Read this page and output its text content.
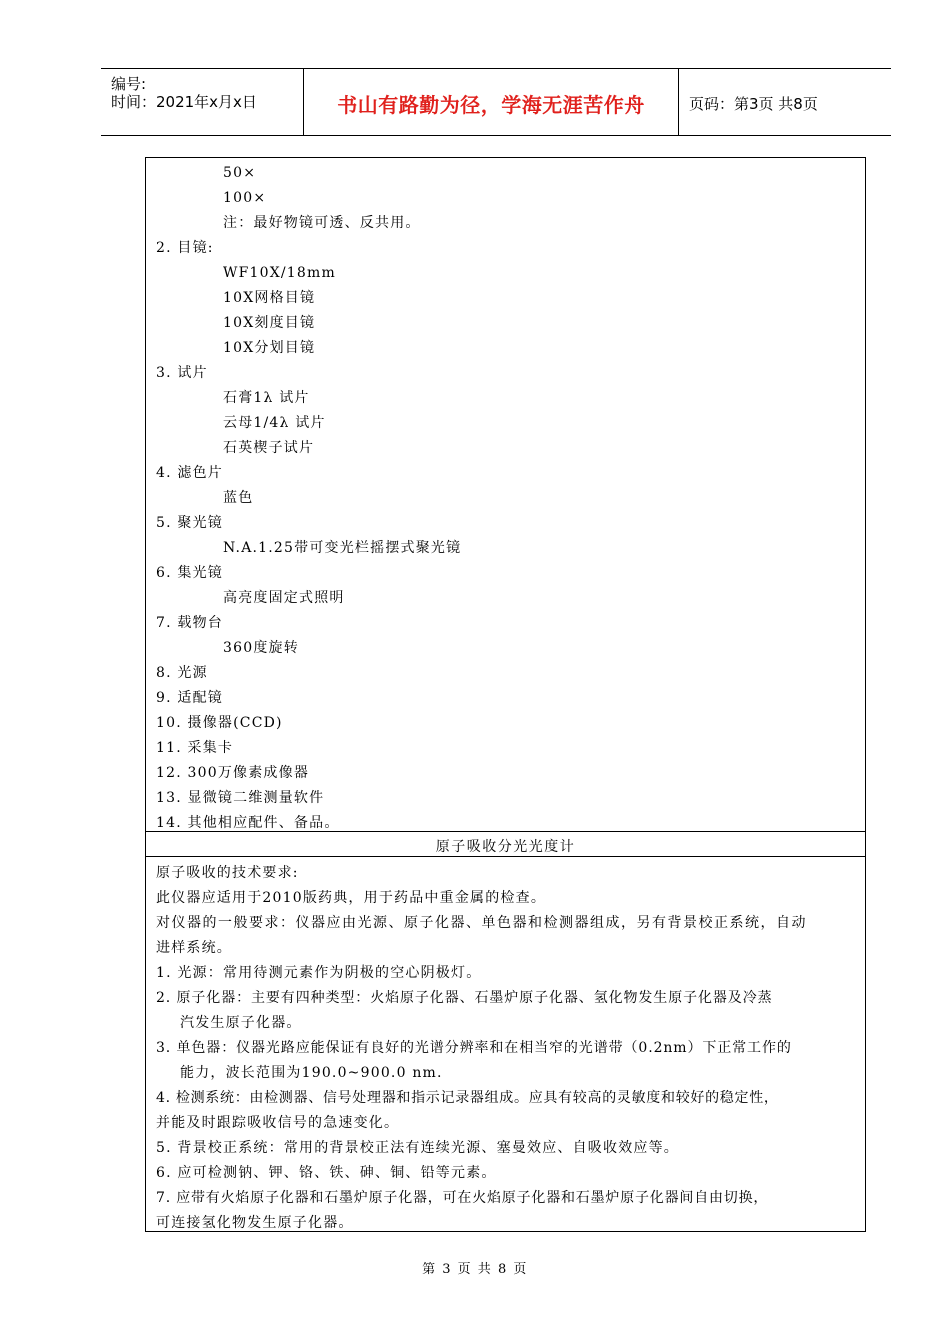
编号:
时间：2021年x月x日	书山有路勤为径，学海无涯苦作舟	页码：第3页 共8页
50×
100×
注：最好物镜可透、反共用。
2. 目镜:
WF10X/18mm
10X网格目镜
10X刻度目镜
10X分划目镜
3. 试片
石膏1λ 试片
云母1/4λ 试片
石英楔子试片
4. 滤色片
蓝色
5. 聚光镜
N.A.1.25带可变光栏摇摆式聚光镜
6. 集光镜
高亮度固定式照明
7. 载物台
360度旋转
8. 光源
9. 适配镜
10. 摄像器(CCD)
11. 采集卡
12. 300万像素成像器
13. 显微镜二维测量软件
14. 其他相应配件、备品。
原子吸收分光光度计
原子吸收的技术要求:
此仪器应适用于2010版药典，用于药品中重金属的检查。
对仪器的一般要求：仪器应由光源、原子化器、单色器和检测器组成，另有背景校正系统，自动
进样系统。
1. 光源：常用待测元素作为阴极的空心阴极灯。
2. 原子化器：主要有四种类型：火焰原子化器、石墨炉原子化器、氢化物发生原子化器及冷蒸
汽发生原子化器。
3. 单色器：仪器光路应能保证有良好的光谱分辨率和在相当窄的光谱带（0.2nm）下正常工作的
能力，波长范围为190.0~900.0 nm.
4. 检测系统：由检测器、信号处理器和指示记录器组成。应具有较高的灵敏度和较好的稳定性，
并能及时跟踪吸收信号的急速变化。
5. 背景校正系统：常用的背景校正法有连续光源、塞曼效应、自吸收效应等。
6. 应可检测钠、钾、铬、铁、砷、铜、铅等元素。
7. 应带有火焰原子化器和石墨炉原子化器，可在火焰原子化器和石墨炉原子化器间自由切换，
可连接氢化物发生原子化器。
第 3 页 共 8 页
